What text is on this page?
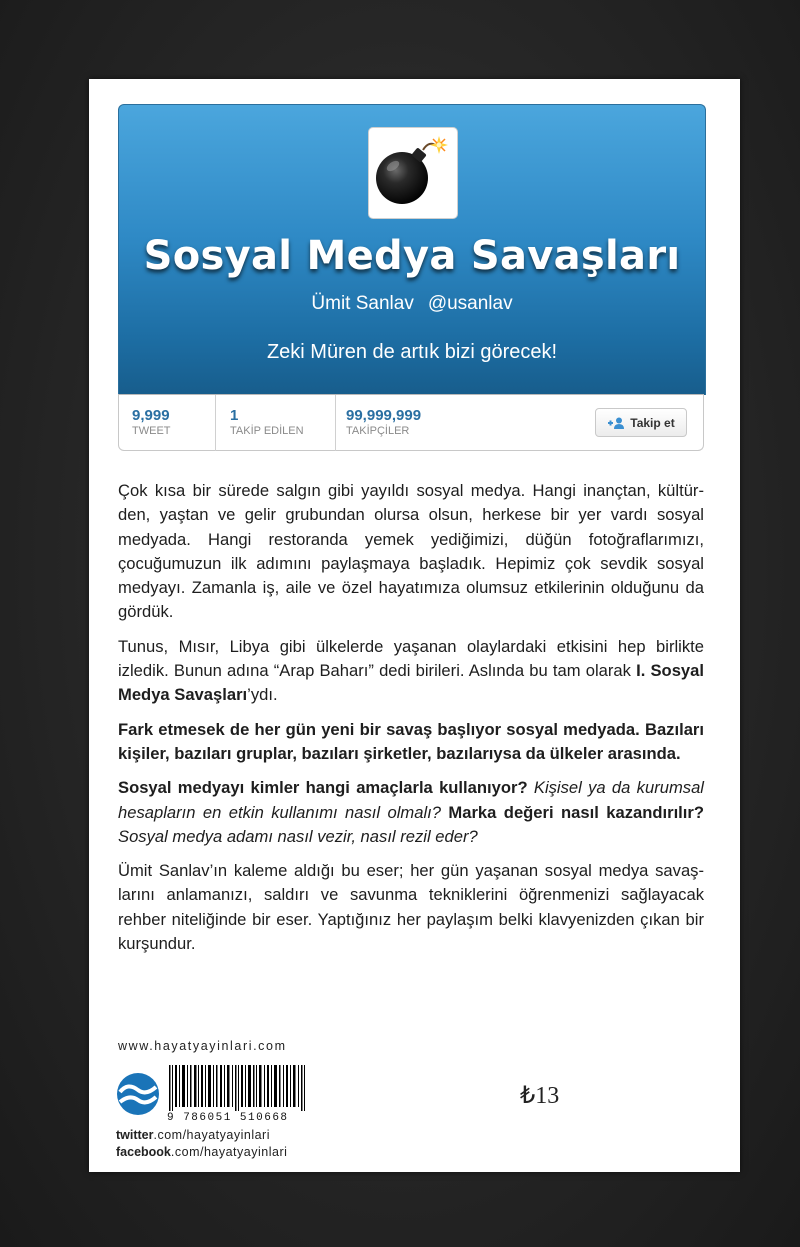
Sosyal Medya Savaşları
Ümit Sanlav @usanlav
Zeki Müren de artık bizi görecek!
9,999
TWEET
1
TAKİP EDİLEN
99,999,999
TAKİPÇİLER
Takip et

Çok kısa bir sürede salgın gibi yayıldı sosyal medya. Hangi inançtan, kültür-den, yaştan ve gelir grubundan olursa olsun, herkese bir yer vardı sosyal medyada. Hangi restoranda yemek yediğimizi, düğün fotoğraflarımızı, çocuğumuzun ilk adımını paylaşmaya başladık. Hepimiz çok sevdik sosyal medyayı. Zamanla iş, aile ve özel hayatımıza olumsuz etkilerinin olduğunu da gördük.

Tunus, Mısır, Libya gibi ülkelerde yaşanan olaylardaki etkisini hep birlikte izledik. Bunun adına “Arap Baharı” dedi birileri. Aslında bu tam olarak I. Sosyal Medya Savaşları’ydı.

Fark etmesek de her gün yeni bir savaş başlıyor sosyal medyada. Bazıları kişiler, bazıları gruplar, bazıları şirketler, bazılarıysa da ülkeler arasında.

Sosyal medyayı kimler hangi amaçlarla kullanıyor? Kişisel ya da kurumsal hesapların en etkin kullanımı nasıl olmalı? Marka değeri nasıl kazandırılır? Sosyal medya adamı nasıl vezir, nasıl rezil eder?

Ümit Sanlav’ın kaleme aldığı bu eser; her gün yaşanan sosyal medya savaş-larını anlamanızı, saldırı ve savunma tekniklerini öğrenmenizi sağlayacak rehber niteliğinde bir eser. Yaptığınız her paylaşım belki klavyenizden çıkan bir kurşundur.

www.hayatyayinlari.com
9 786051 510668
twitter.com/hayatyayinlari
facebook.com/hayatyayinlari
₺13
